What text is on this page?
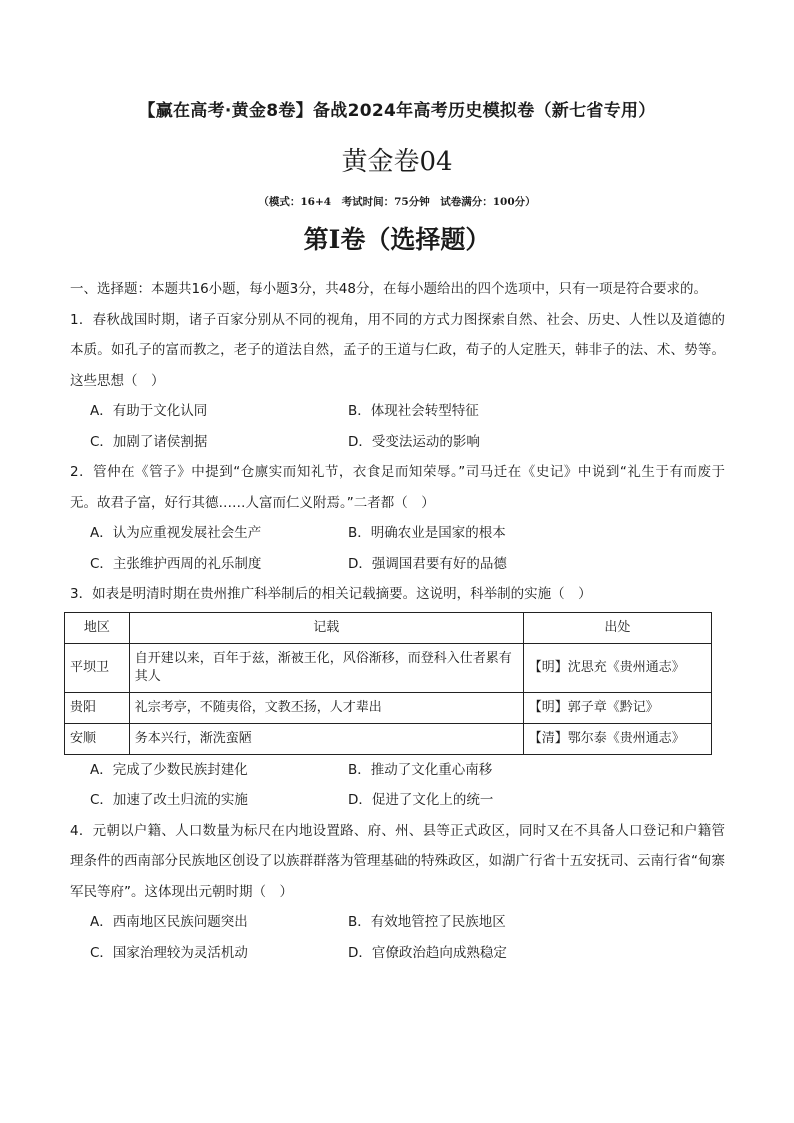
【赢在高考·黄金8卷】备战2024年高考历史模拟卷（新七省专用）
黄金卷04
（模式：16+4　考试时间：75分钟　试卷满分：100分）
第I卷（选择题）

一、选择题：本题共16小题，每小题3分，共48分，在每小题给出的四个选项中，只有一项是符合要求的。

1．春秋战国时期，诸子百家分别从不同的视角，用不同的方式力图探索自然、社会、历史、人性以及道德的本质。如孔子的富而教之，老子的道法自然，孟子的王道与仁政，荀子的人定胜天，韩非子的法、术、势等。这些思想（　）

A．有助于文化认同	B．体现社会转型特征
C．加剧了诸侯割据	D．受变法运动的影响

2．管仲在《管子》中提到“仓廪实而知礼节，衣食足而知荣辱。”司马迁在《史记》中说到“礼生于有而废于无。故君子富，好行其德……人富而仁义附焉。”二者都（　）

A．认为应重视发展社会生产	B．明确农业是国家的根本
C．主张维护西周的礼乐制度	D．强调国君要有好的品德

3．如表是明清时期在贵州推广科举制后的相关记载摘要。这说明，科举制的实施（　）

地区	记载	出处
平坝卫	自开建以来，百年于兹，渐被王化，风俗渐移，而登科入仕者累有其人	【明】沈思充《贵州通志》
贵阳	礼宗考亭，不随夷俗，文教丕扬，人才辈出	【明】郭子章《黔记》
安顺	务本兴行，渐洗蛮陋	【清】鄂尔泰《贵州通志》
A．完成了少数民族封建化	B．推动了文化重心南移
C．加速了改土归流的实施	D．促进了文化上的统一

4．元朝以户籍、人口数量为标尺在内地设置路、府、州、县等正式政区，同时又在不具备人口登记和户籍管理条件的西南部分民族地区创设了以族群群落为管理基础的特殊政区，如湖广行省十五安抚司、云南行省“甸寨军民等府”。这体现出元朝时期（　）

A．西南地区民族问题突出	B．有效地管控了民族地区
C．国家治理较为灵活机动	D．官僚政治趋向成熟稳定
